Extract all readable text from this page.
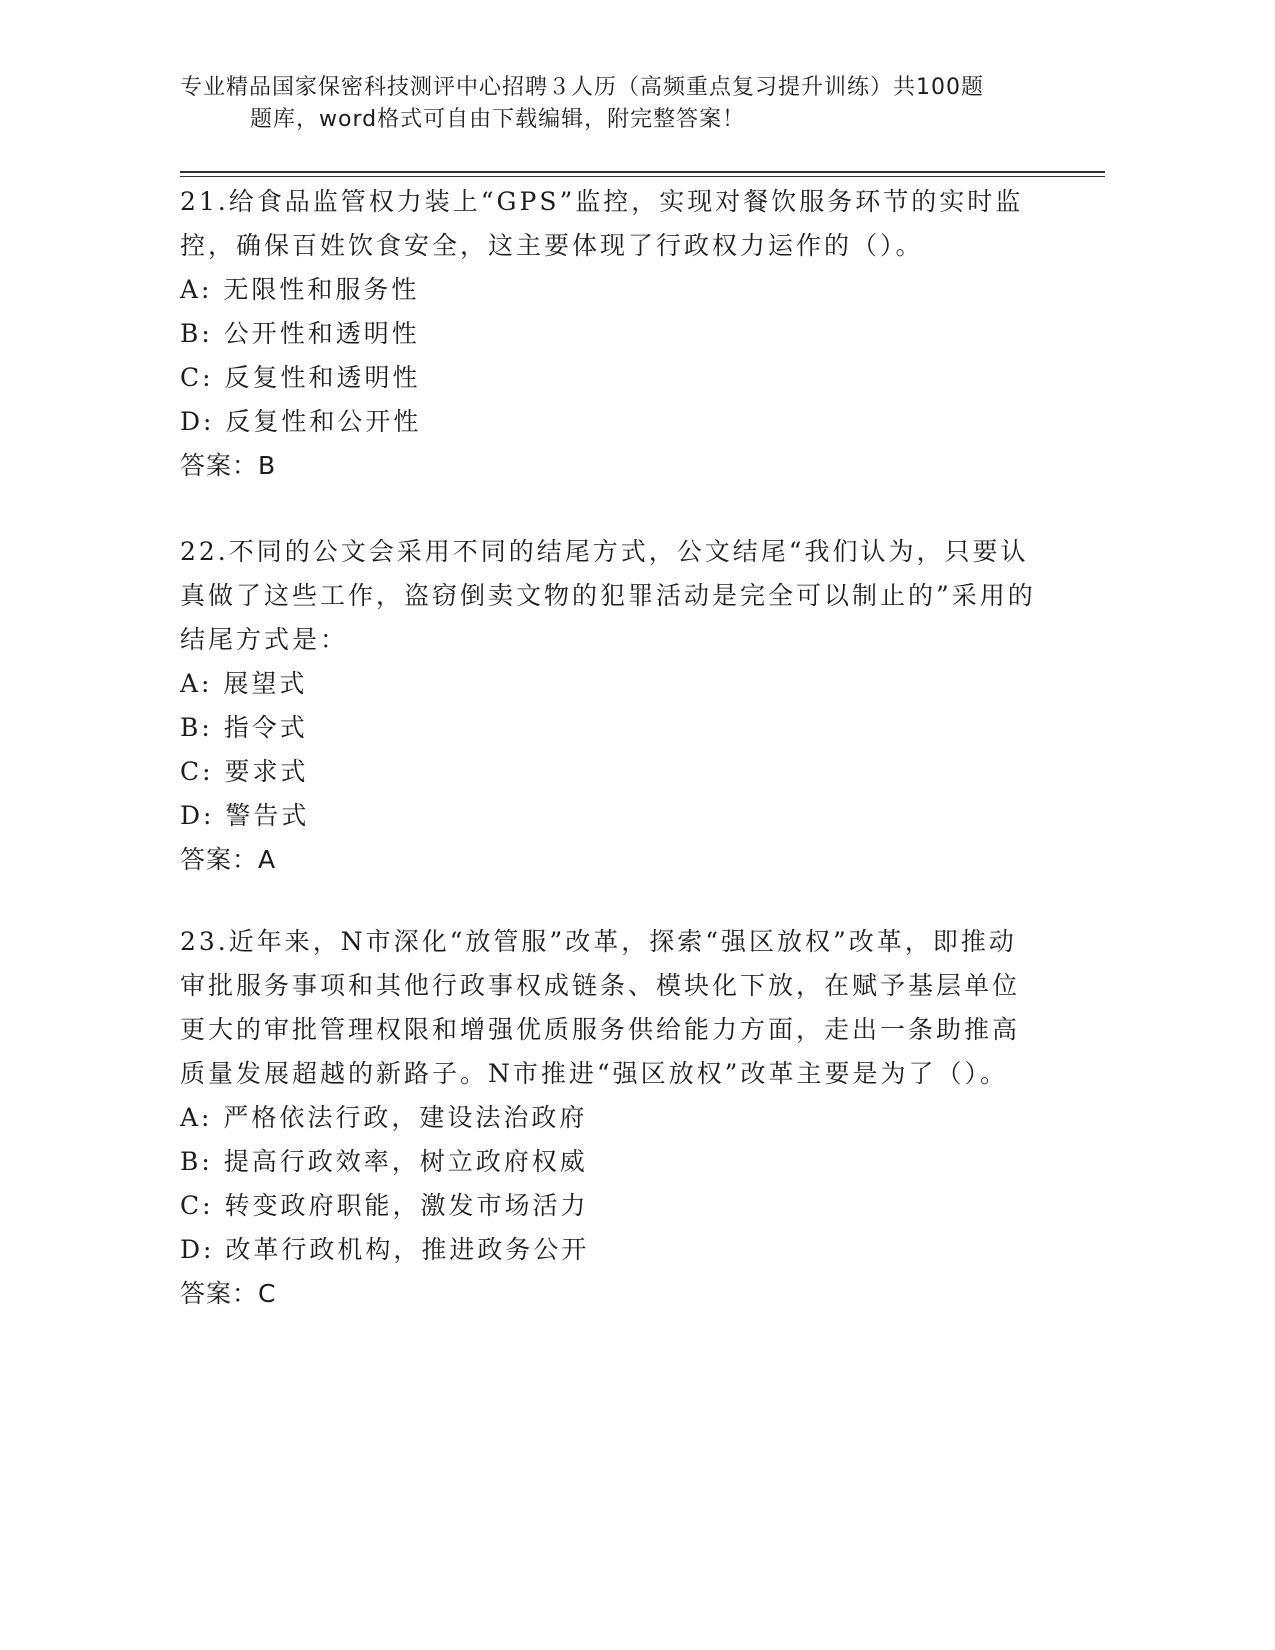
专业精品国家保密科技测评中心招聘３人历（高频重点复习提升训练）共100题
题库，word格式可自由下载编辑，附完整答案！
21.给食品监管权力装上“GPS”监控，实现对餐饮服务环节的实时监控，确保百姓饮食安全，这主要体现了行政权力运作的（）。
A: 无限性和服务性
B: 公开性和透明性
C: 反复性和透明性
D: 反复性和公开性
答案：B
22.不同的公文会采用不同的结尾方式，公文结尾“我们认为，只要认真做了这些工作，盗窃倒卖文物的犯罪活动是完全可以制止的”采用的结尾方式是：
A: 展望式
B: 指令式
C: 要求式
D: 警告式
答案：A
23.近年来，N市深化“放管服”改革，探索“强区放权”改革，即推动审批服务事项和其他行政事权成链条、模块化下放，在赋予基层单位更大的审批管理权限和增强优质服务供给能力方面，走出一条助推高质量发展超越的新路子。N市推进“强区放权”改革主要是为了（）。
A: 严格依法行政，建设法治政府
B: 提高行政效率，树立政府权威
C: 转变政府职能，激发市场活力
D: 改革行政机构，推进政务公开
答案：C
